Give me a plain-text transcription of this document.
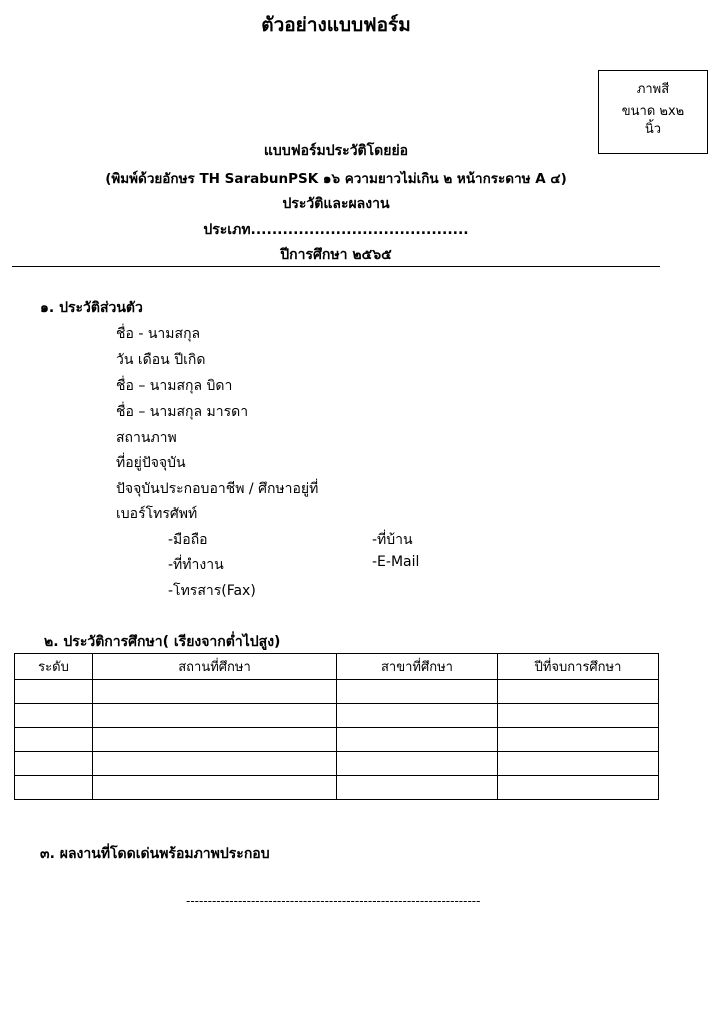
ตัวอย่างแบบฟอร์ม
ภาพสี
ขนาด ๒x๒
นิ้ว
แบบฟอร์มประวัติโดยย่อ
(พิมพ์ด้วยอักษร TH SarabunPSK ๑๖ ความยาวไม่เกิน ๒ หน้ากระดาษ A ๔)
ประวัติและผลงาน
ประเภท.........................................
ปีการศึกษา ๒๕๖๕
๑. ประวัติส่วนตัว
ชื่อ - นามสกุล
วัน เดือน ปีเกิด
ชื่อ – นามสกุล บิดา
ชื่อ – นามสกุล มารดา
สถานภาพ
ที่อยู่ปัจจุบัน
ปัจจุบันประกอบอาชีพ / ศึกษาอยู่ที่
เบอร์โทรศัพท์
-มือถือ	-ที่บ้าน
-ที่ทำงาน	-E-Mail
-โทรสาร(Fax)
๒. ประวัติการศึกษา( เรียงจากต่ำไปสูง)
ระดับ	สถานที่ศึกษา	สาขาที่ศึกษา	ปีที่จบการศึกษา

๓. ผลงานที่โดดเด่นพร้อมภาพประกอบ
--------------------------------------------------------------------
